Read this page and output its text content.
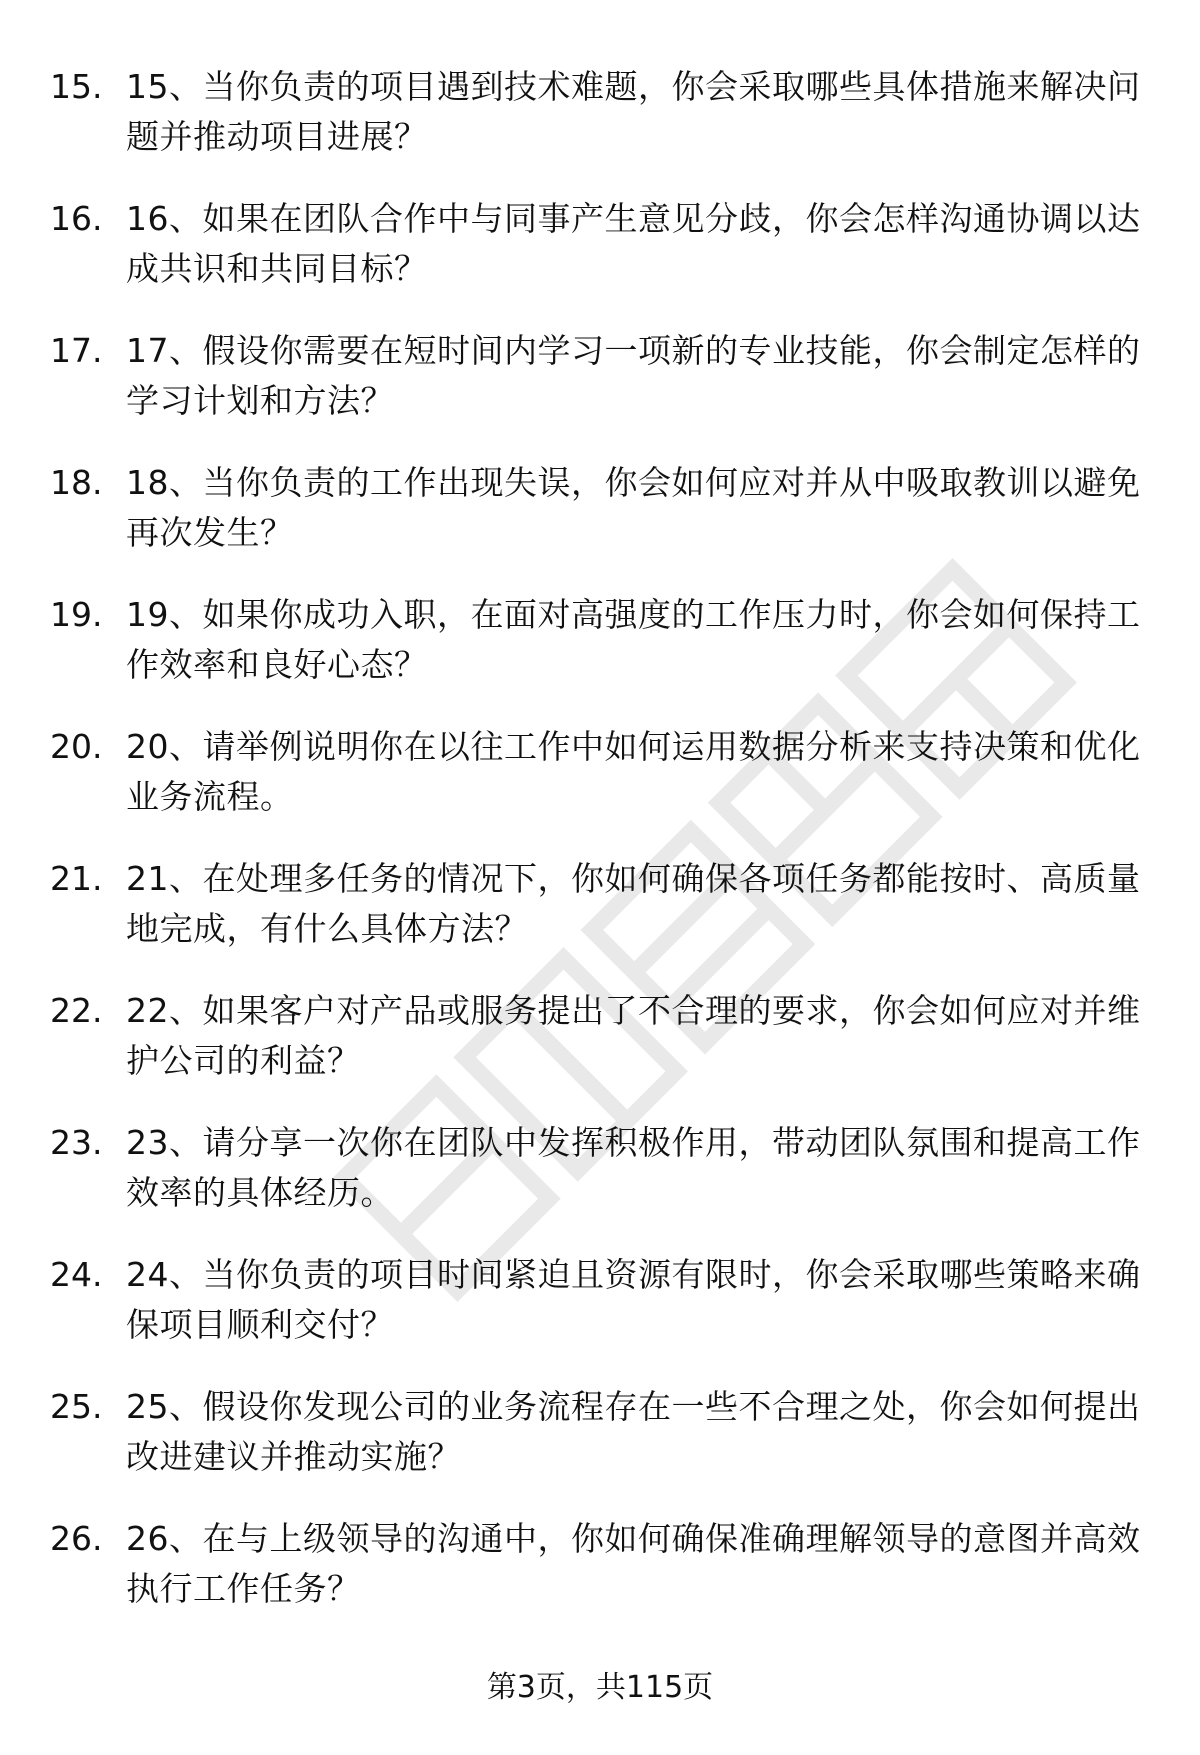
15. 15、当你负责的项目遇到技术难题，你会采取哪些具体措施来解决问题并推动项目进展？
16. 16、如果在团队合作中与同事产生意见分歧，你会怎样沟通协调以达成共识和共同目标？
17. 17、假设你需要在短时间内学习一项新的专业技能，你会制定怎样的学习计划和方法？
18. 18、当你负责的工作出现失误，你会如何应对并从中吸取教训以避免再次发生？
19. 19、如果你成功入职，在面对高强度的工作压力时，你会如何保持工作效率和良好心态？
20. 20、请举例说明你在以往工作中如何运用数据分析来支持决策和优化业务流程。
21. 21、在处理多任务的情况下，你如何确保各项任务都能按时、高质量地完成，有什么具体方法？
22. 22、如果客户对产品或服务提出了不合理的要求，你会如何应对并维护公司的利益？
23. 23、请分享一次你在团队中发挥积极作用，带动团队氛围和提高工作效率的具体经历。
24. 24、当你负责的项目时间紧迫且资源有限时，你会采取哪些策略来确保项目顺利交付？
25. 25、假设你发现公司的业务流程存在一些不合理之处，你会如何提出改进建议并推动实施？
26. 26、在与上级领导的沟通中，你如何确保准确理解领导的意图并高效执行工作任务？
第3页，共115页
